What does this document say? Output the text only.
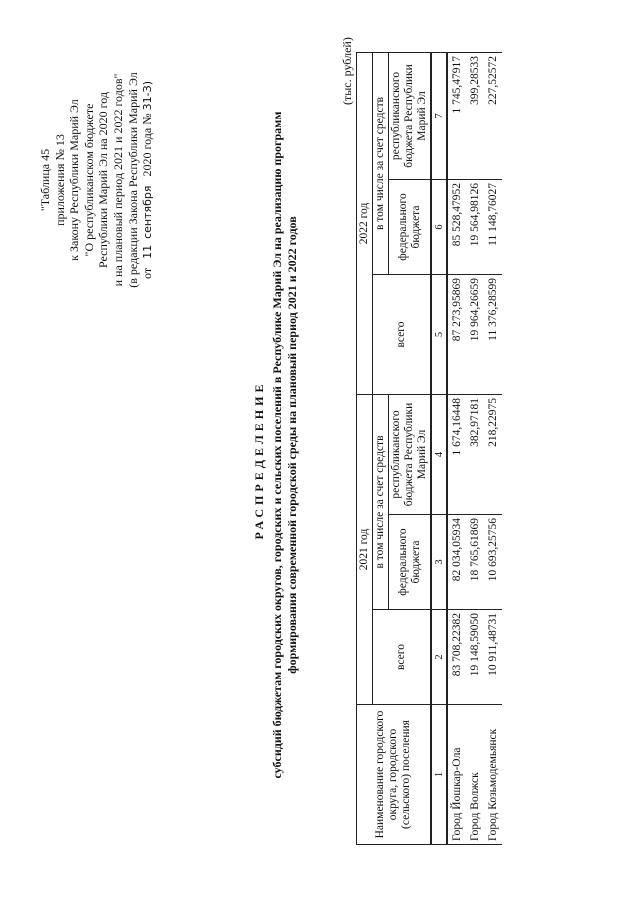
"Таблица 45 приложения № 13 к Закону Республики Марий Эл "О республиканском бюджете Республики Марий Эл на 2020 год и на плановый период 2021 и 2022 годов" (в редакции Закона Республики Марий Эл от   11  сентября   2020 года № 31-З)
РАСПРЕДЕЛЕНИЕ субсидий бюджетам городских округов, городских и сельских поселений в Республике Марий Эл на реализацию программ формирования современной городской среды на плановый период 2021 и 2022 годов
(тыс. рублей)
Наименование городского округа, городского (сельского) поселения	2021 год			2022 год		
	всего	в том числе за счет средств		всего	в том числе за счет средств	
		федерального бюджета	республиканского бюджета Республики Марий Эл		федерального бюджета	республиканского бюджета Республики Марий Эл
1	2	3	4	5	6	7
Город Йошкар-Ола	83 708,22382	82 034,05934	1 674,16448	87 273,95869	85 528,47952	1 745,47917
Город Волжск	19 148,59050	18 765,61869	382,97181	19 964,26659	19 564,98126	399,28533
Город Козьмодемьянск	10 911,48731	10 693,25756	218,22975	11 376,28599	11 148,76027	227,52572
